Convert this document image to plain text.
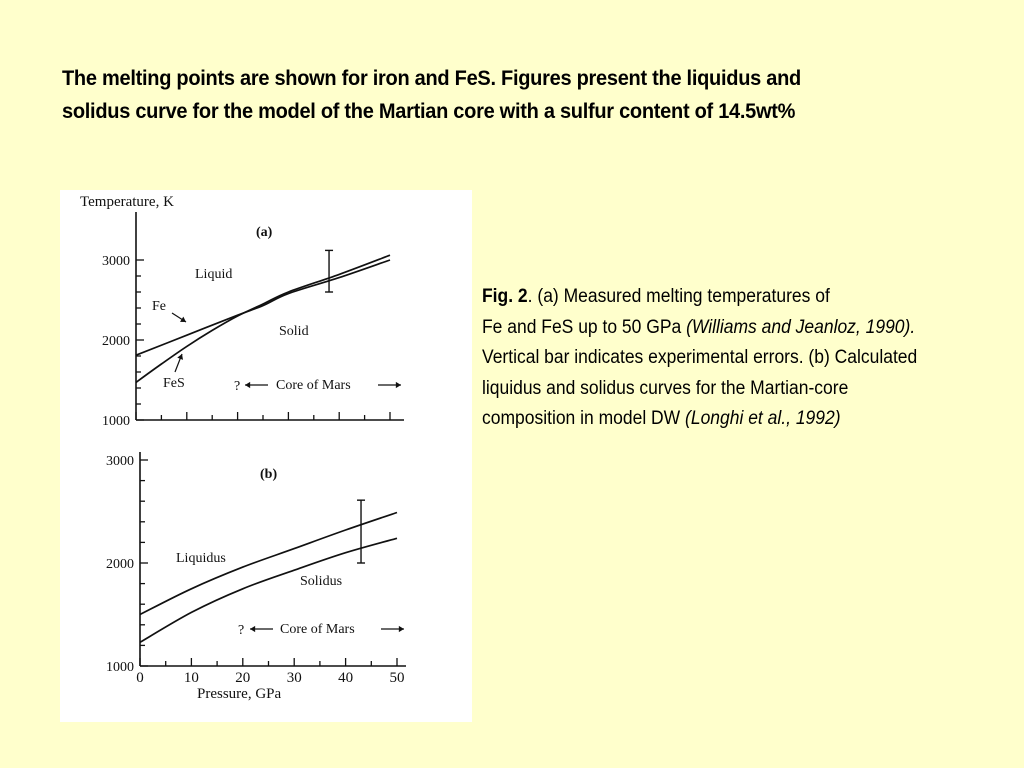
The melting points are shown for iron and FeS. Figures present the liquidus and
solidus curve for the model of the Martian core with a sulfur content of 14.5wt%
Temperature, K
Pressure, GPa
1000
2000
3000
(a)
Liquid
Solid
Fe
FeS	?	Core of Mars
1000
2000
3000
0	10 20 30 40 50
(b)
Liquidus
Solidus
?	Core of Mars
Fig. 2. (a) Measured melting temperatures of
Fe and FeS up to 50 GPa (Williams and Jeanloz, 1990).
Vertical bar indicates experimental errors. (b) Calculated
liquidus and solidus curves for the Martian-core
composition in model DW (Longhi et al., 1992)
